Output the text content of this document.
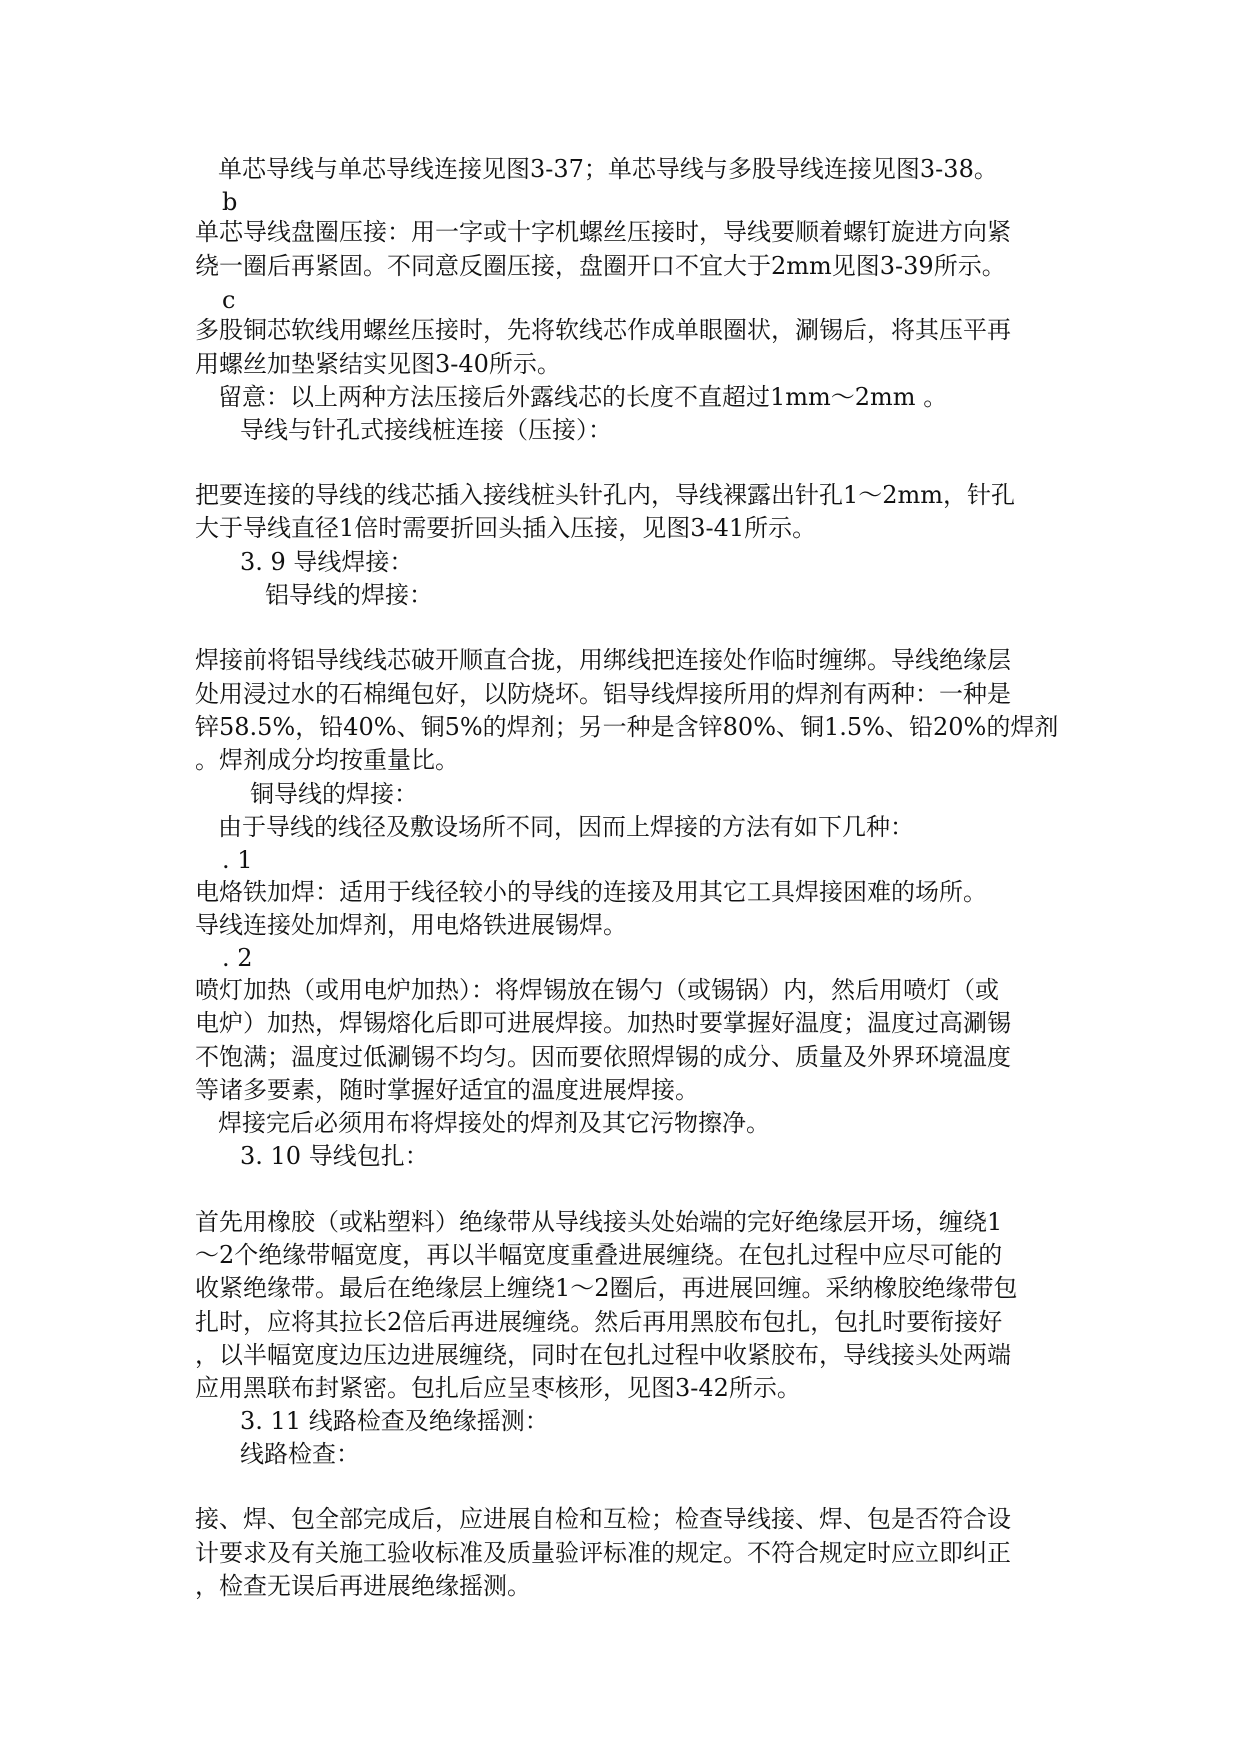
单芯导线与单芯导线连接见图3-37；单芯导线与多股导线连接见图3-38。
b
单芯导线盘圈压接：用一字或十字机螺丝压接时，导线要顺着螺钉旋进方向紧
绕一圈后再紧固。不同意反圈压接，盘圈开口不宜大于2mm见图3-39所示。
c
多股铜芯软线用螺丝压接时，先将软线芯作成单眼圈状，涮锡后，将其压平再
用螺丝加垫紧结实见图3-40所示。
留意：以上两种方法压接后外露线芯的长度不直超过1mm～2mm 。
导线与针孔式接线桩连接（压接）：
把要连接的导线的线芯插入接线桩头针孔内，导线裸露出针孔1～2mm，针孔
大于导线直径1倍时需要折回头插入压接，见图3-41所示。
3. 9 导线焊接：
铝导线的焊接：
焊接前将铝导线线芯破开顺直合拢，用绑线把连接处作临时缠绑。导线绝缘层
处用浸过水的石棉绳包好，以防烧坏。铝导线焊接所用的焊剂有两种：一种是
锌58.5%，铅40%、铜5%的焊剂；另一种是含锌80%、铜1.5%、铅20%的焊剂
。焊剂成分均按重量比。
铜导线的焊接：
由于导线的线径及敷设场所不同，因而上焊接的方法有如下几种：
. 1
电烙铁加焊：适用于线径较小的导线的连接及用其它工具焊接困难的场所。
导线连接处加焊剂，用电烙铁进展锡焊。
. 2
喷灯加热（或用电炉加热）：将焊锡放在锡勺（或锡锅）内，然后用喷灯（或
电炉）加热，焊锡熔化后即可进展焊接。加热时要掌握好温度；温度过高涮锡
不饱满；温度过低涮锡不均匀。因而要依照焊锡的成分、质量及外界环境温度
等诸多要素，随时掌握好适宜的温度进展焊接。
焊接完后必须用布将焊接处的焊剂及其它污物擦净。
3. 10 导线包扎：
首先用橡胶（或粘塑料）绝缘带从导线接头处始端的完好绝缘层开场，缠绕1
～2个绝缘带幅宽度，再以半幅宽度重叠进展缠绕。在包扎过程中应尽可能的
收紧绝缘带。最后在绝缘层上缠绕1～2圈后，再进展回缠。采纳橡胶绝缘带包
扎时，应将其拉长2倍后再进展缠绕。然后再用黑胶布包扎，包扎时要衔接好
，以半幅宽度边压边进展缠绕，同时在包扎过程中收紧胶布，导线接头处两端
应用黑联布封紧密。包扎后应呈枣核形，见图3-42所示。
3. 11 线路检查及绝缘摇测：
线路检查：
接、焊、包全部完成后，应进展自检和互检；检查导线接、焊、包是否符合设
计要求及有关施工验收标准及质量验评标准的规定。不符合规定时应立即纠正
，检查无误后再进展绝缘摇测。
